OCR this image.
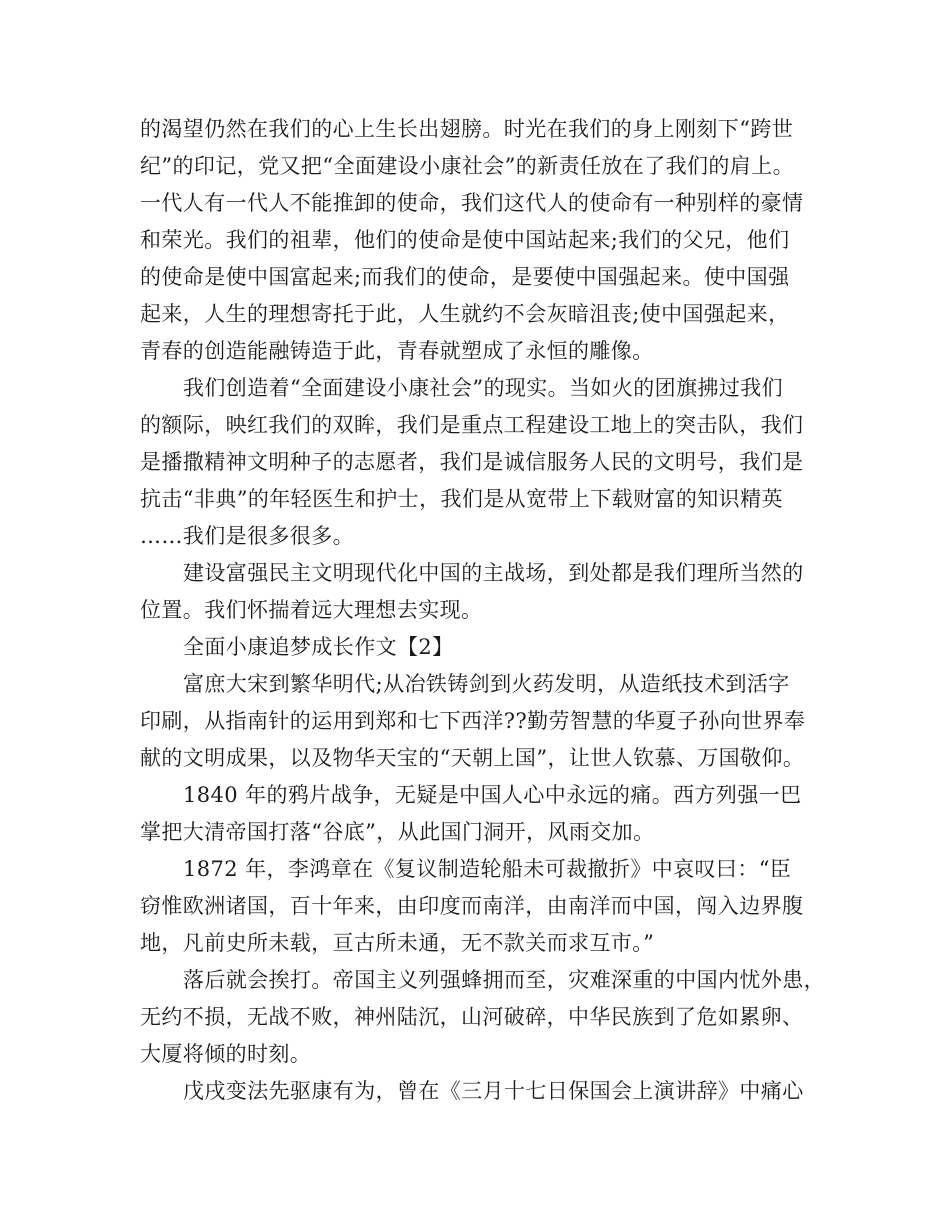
的渴望仍然在我们的心上生长出翅膀。时光在我们的身上刚刻下“跨世
纪”的印记，党又把“全面建设小康社会”的新责任放在了我们的肩上。
一代人有一代人不能推卸的使命，我们这代人的使命有一种别样的豪情
和荣光。我们的祖辈，他们的使命是使中国站起来;我们的父兄，他们
的使命是使中国富起来;而我们的使命，是要使中国强起来。使中国强
起来，人生的理想寄托于此，人生就约不会灰暗沮丧;使中国强起来，
青春的创造能融铸造于此，青春就塑成了永恒的雕像。
我们创造着“全面建设小康社会”的现实。当如火的团旗拂过我们
的额际，映红我们的双眸，我们是重点工程建设工地上的突击队，我们
是播撒精神文明种子的志愿者，我们是诚信服务人民的文明号，我们是
抗击“非典”的年轻医生和护士，我们是从宽带上下载财富的知识精英
……我们是很多很多。
建设富强民主文明现代化中国的主战场，到处都是我们理所当然的
位置。我们怀揣着远大理想去实现。
全面小康追梦成长作文【2】
富庶大宋到繁华明代;从冶铁铸剑到火药发明，从造纸技术到活字
印刷，从指南针的运用到郑和七下西洋??勤劳智慧的华夏子孙向世界奉
献的文明成果，以及物华天宝的“天朝上国”，让世人钦慕、万国敬仰。
1840 年的鸦片战争，无疑是中国人心中永远的痛。西方列强一巴
掌把大清帝国打落“谷底”，从此国门洞开，风雨交加。
1872 年，李鸿章在《复议制造轮船未可裁撤折》中哀叹曰：“臣
窃惟欧洲诸国，百十年来，由印度而南洋，由南洋而中国，闯入边界腹
地，凡前史所未载，亘古所未通，无不款关而求互市。”
落后就会挨打。帝国主义列强蜂拥而至，灾难深重的中国内忧外患，
无约不损，无战不败，神州陆沉，山河破碎，中华民族到了危如累卵、
大厦将倾的时刻。
戊戌变法先驱康有为，曾在《三月十七日保国会上演讲辞》中痛心
